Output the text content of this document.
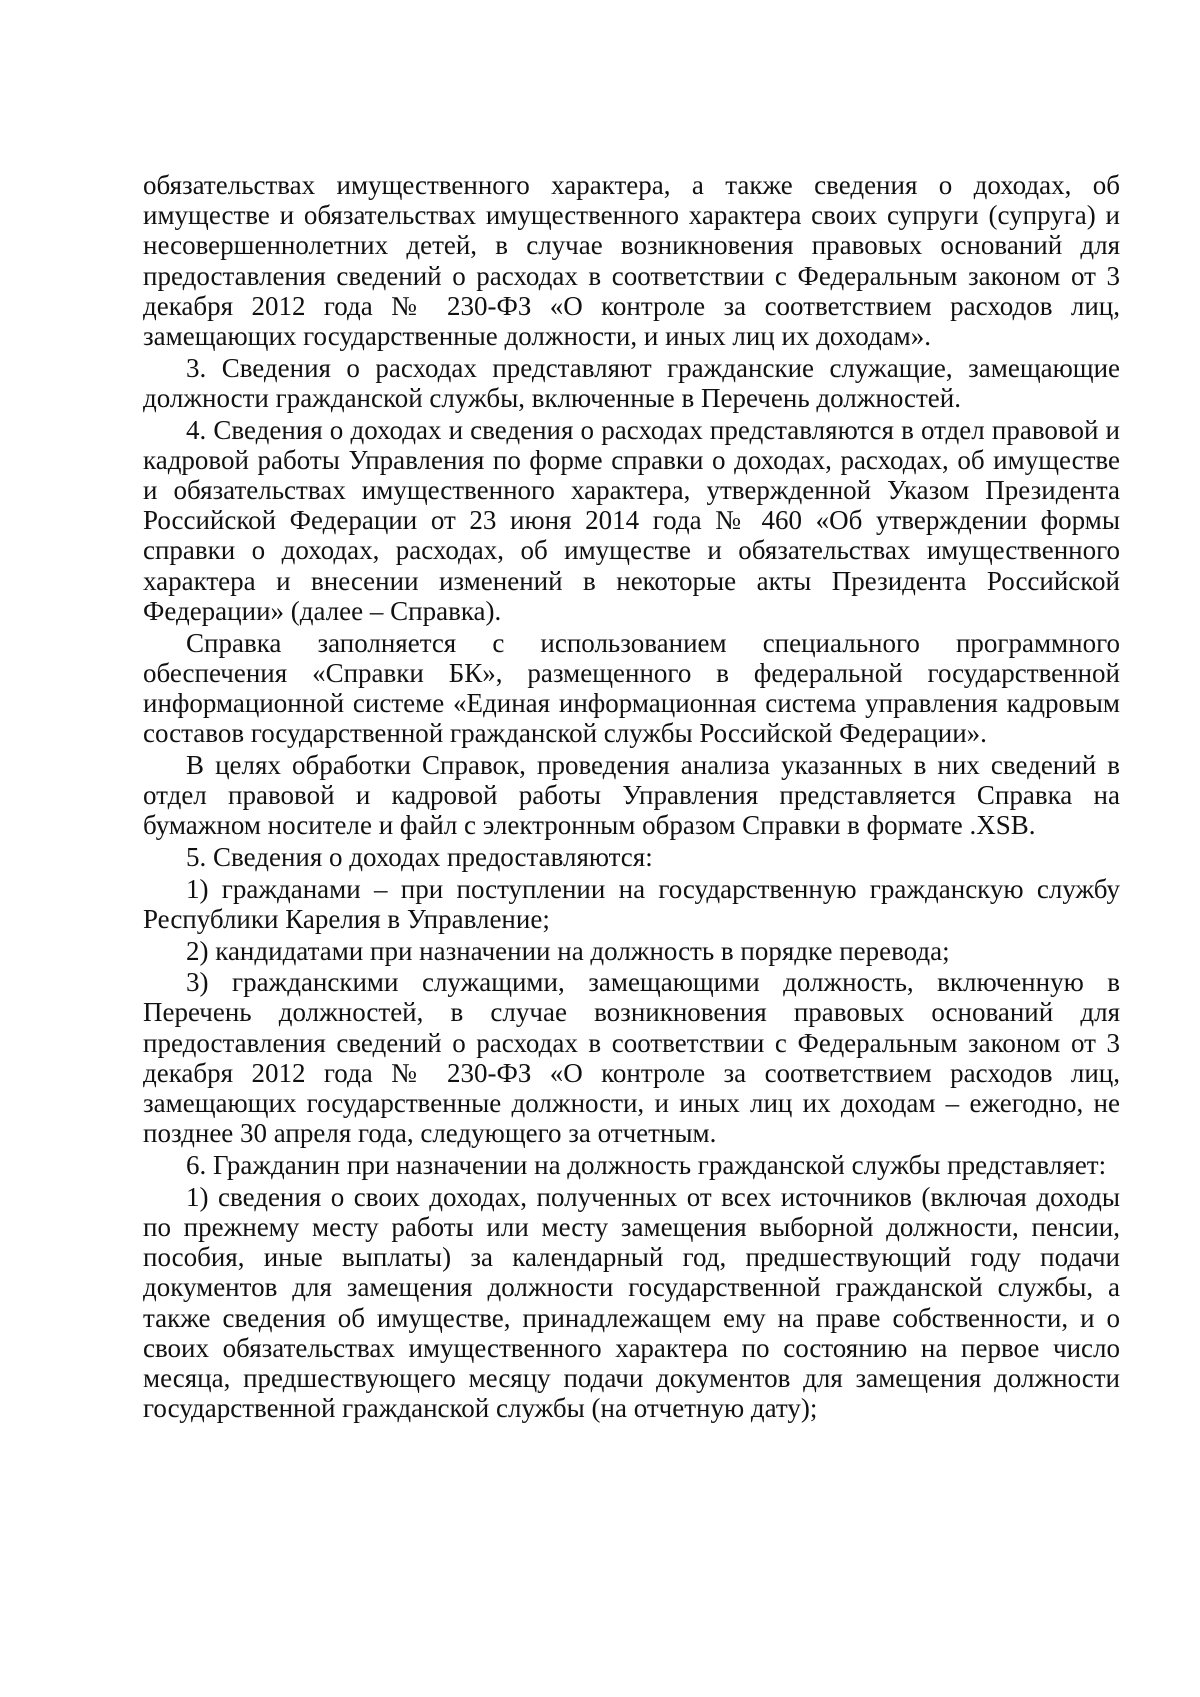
обязательствах имущественного характера, а также сведения о доходах, об имуществе и обязательствах имущественного характера своих супруги (супруга) и несовершеннолетних детей, в случае возникновения правовых оснований для предоставления сведений о расходах в соответствии с Федеральным законом от 3 декабря 2012 года № 230-ФЗ «О контроле за соответствием расходов лиц, замещающих государственные должности, и иных лиц их доходам».

3. Сведения о расходах представляют гражданские служащие, замещающие должности гражданской службы, включенные в Перечень должностей.

4. Сведения о доходах и сведения о расходах представляются в отдел правовой и кадровой работы Управления по форме справки о доходах, расходах, об имуществе и обязательствах имущественного характера, утвержденной Указом Президента Российской Федерации от 23 июня 2014 года № 460 «Об утверждении формы справки о доходах, расходах, об имуществе и обязательствах имущественного характера и внесении изменений в некоторые акты Президента Российской Федерации» (далее – Справка).

Справка заполняется с использованием специального программного обеспечения «Справки БК», размещенного в федеральной государственной информационной системе «Единая информационная система управления кадровым составов государственной гражданской службы Российской Федерации».

В целях обработки Справок, проведения анализа указанных в них сведений в отдел правовой и кадровой работы Управления представляется Справка на бумажном носителе и файл с электронным образом Справки в формате .XSB.

5. Сведения о доходах предоставляются:

1) гражданами – при поступлении на государственную гражданскую службу Республики Карелия в Управление;

2) кандидатами при назначении на должность в порядке перевода;

3) гражданскими служащими, замещающими должность, включенную в Перечень должностей, в случае возникновения правовых оснований для предоставления сведений о расходах в соответствии с Федеральным законом от 3 декабря 2012 года № 230-ФЗ «О контроле за соответствием расходов лиц, замещающих государственные должности, и иных лиц их доходам – ежегодно, не позднее 30 апреля года, следующего за отчетным.

6. Гражданин при назначении на должность гражданской службы представляет:

1) сведения о своих доходах, полученных от всех источников (включая доходы по прежнему месту работы или месту замещения выборной должности, пенсии, пособия, иные выплаты) за календарный год, предшествующий году подачи документов для замещения должности государственной гражданской службы, а также сведения об имуществе, принадлежащем ему на праве собственности, и о своих обязательствах имущественного характера по состоянию на первое число месяца, предшествующего месяцу подачи документов для замещения должности государственной гражданской службы (на отчетную дату);
